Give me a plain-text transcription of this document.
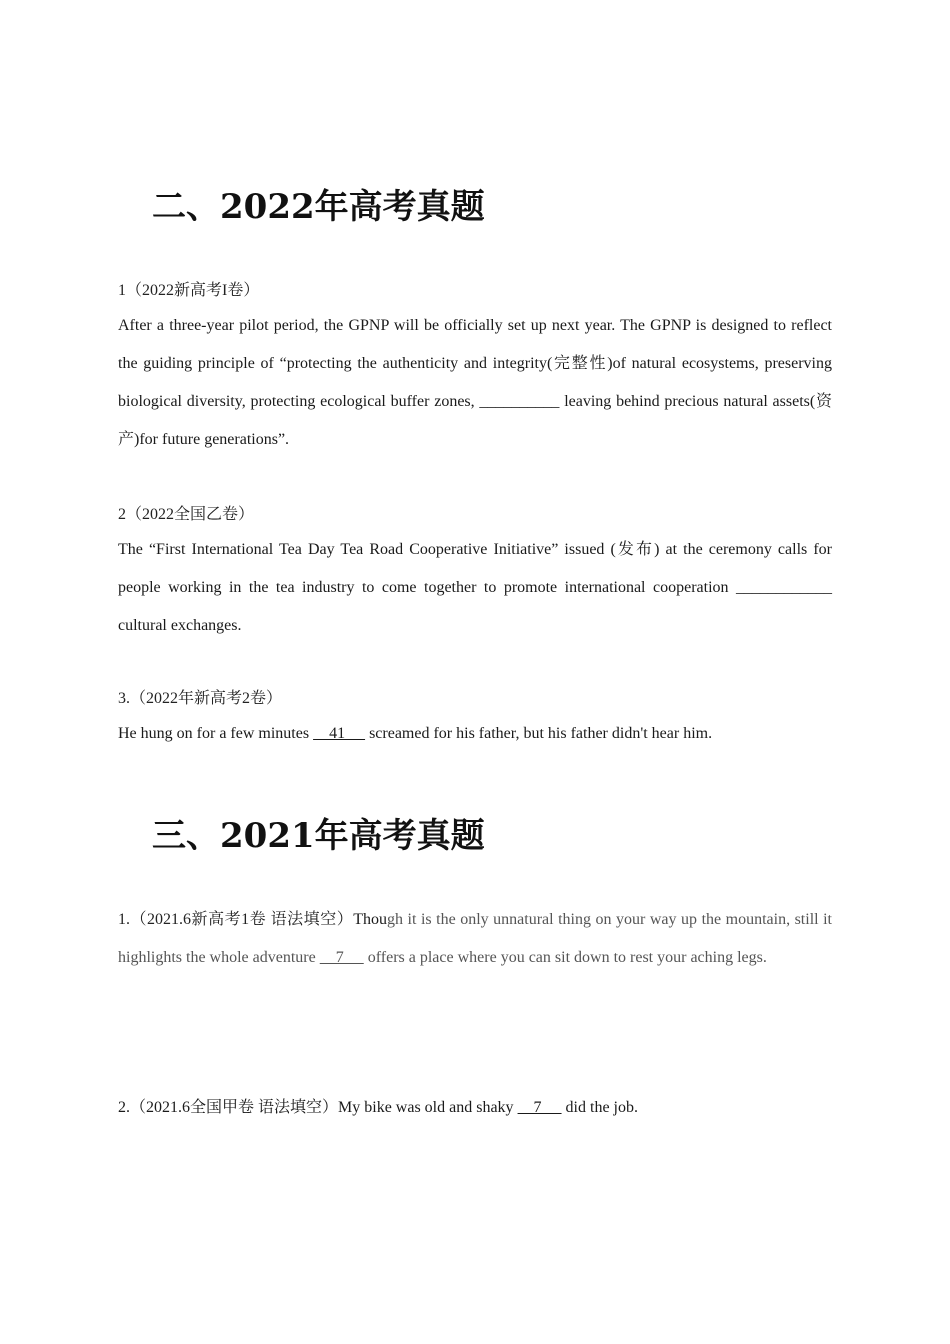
二、2022年高考真题

1（2022新高考I卷）

After a three-year pilot period, the GPNP will be officially set up next year. The GPNP is designed to reflect the guiding principle of “protecting the authenticity and integrity(完整性)of natural ecosystems, preserving biological diversity, protecting ecological buffer zones, __________ leaving behind precious natural assets(资产)for future generations”.

2（2022全国乙卷）

The “First International Tea Day Tea Road Cooperative Initiative” issued (发布) at the ceremony calls for people working in the tea industry to come together to promote international cooperation ____________ cultural exchanges.

3.（2022年新高考2卷）

He hung on for a few minutes     41      screamed for his father, but his father didn't hear him.

三、2021年高考真题

1.（2021.6新高考1卷 语法填空）Though it is the only unnatural thing on your way up the mountain, still it highlights the whole adventure     7      offers a place where you can sit down to rest your aching legs.

2.（2021.6全国甲卷 语法填空）My bike was old and shaky     7      did the job.
